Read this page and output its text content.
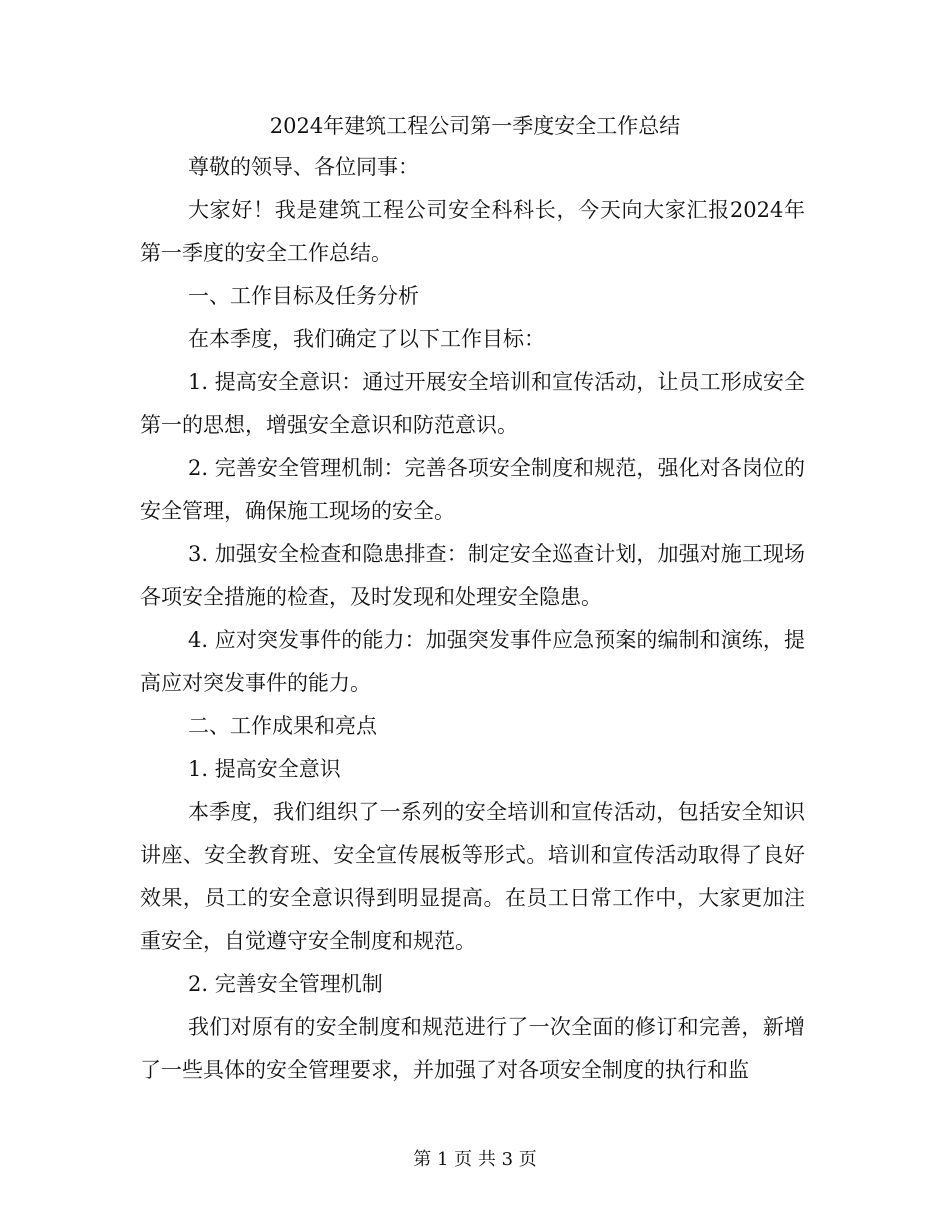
2024年建筑工程公司第一季度安全工作总结

尊敬的领导、各位同事：

大家好！我是建筑工程公司安全科科长，今天向大家汇报2024年第一季度的安全工作总结。

一、工作目标及任务分析

在本季度，我们确定了以下工作目标：

1. 提高安全意识：通过开展安全培训和宣传活动，让员工形成安全第一的思想，增强安全意识和防范意识。

2. 完善安全管理机制：完善各项安全制度和规范，强化对各岗位的安全管理，确保施工现场的安全。

3. 加强安全检查和隐患排查：制定安全巡查计划，加强对施工现场各项安全措施的检查，及时发现和处理安全隐患。

4. 应对突发事件的能力：加强突发事件应急预案的编制和演练，提高应对突发事件的能力。

二、工作成果和亮点

1. 提高安全意识

本季度，我们组织了一系列的安全培训和宣传活动，包括安全知识讲座、安全教育班、安全宣传展板等形式。培训和宣传活动取得了良好效果，员工的安全意识得到明显提高。在员工日常工作中，大家更加注重安全，自觉遵守安全制度和规范。

2. 完善安全管理机制

我们对原有的安全制度和规范进行了一次全面的修订和完善，新增了一些具体的安全管理要求，并加强了对各项安全制度的执行和监

第 1 页 共 3 页
